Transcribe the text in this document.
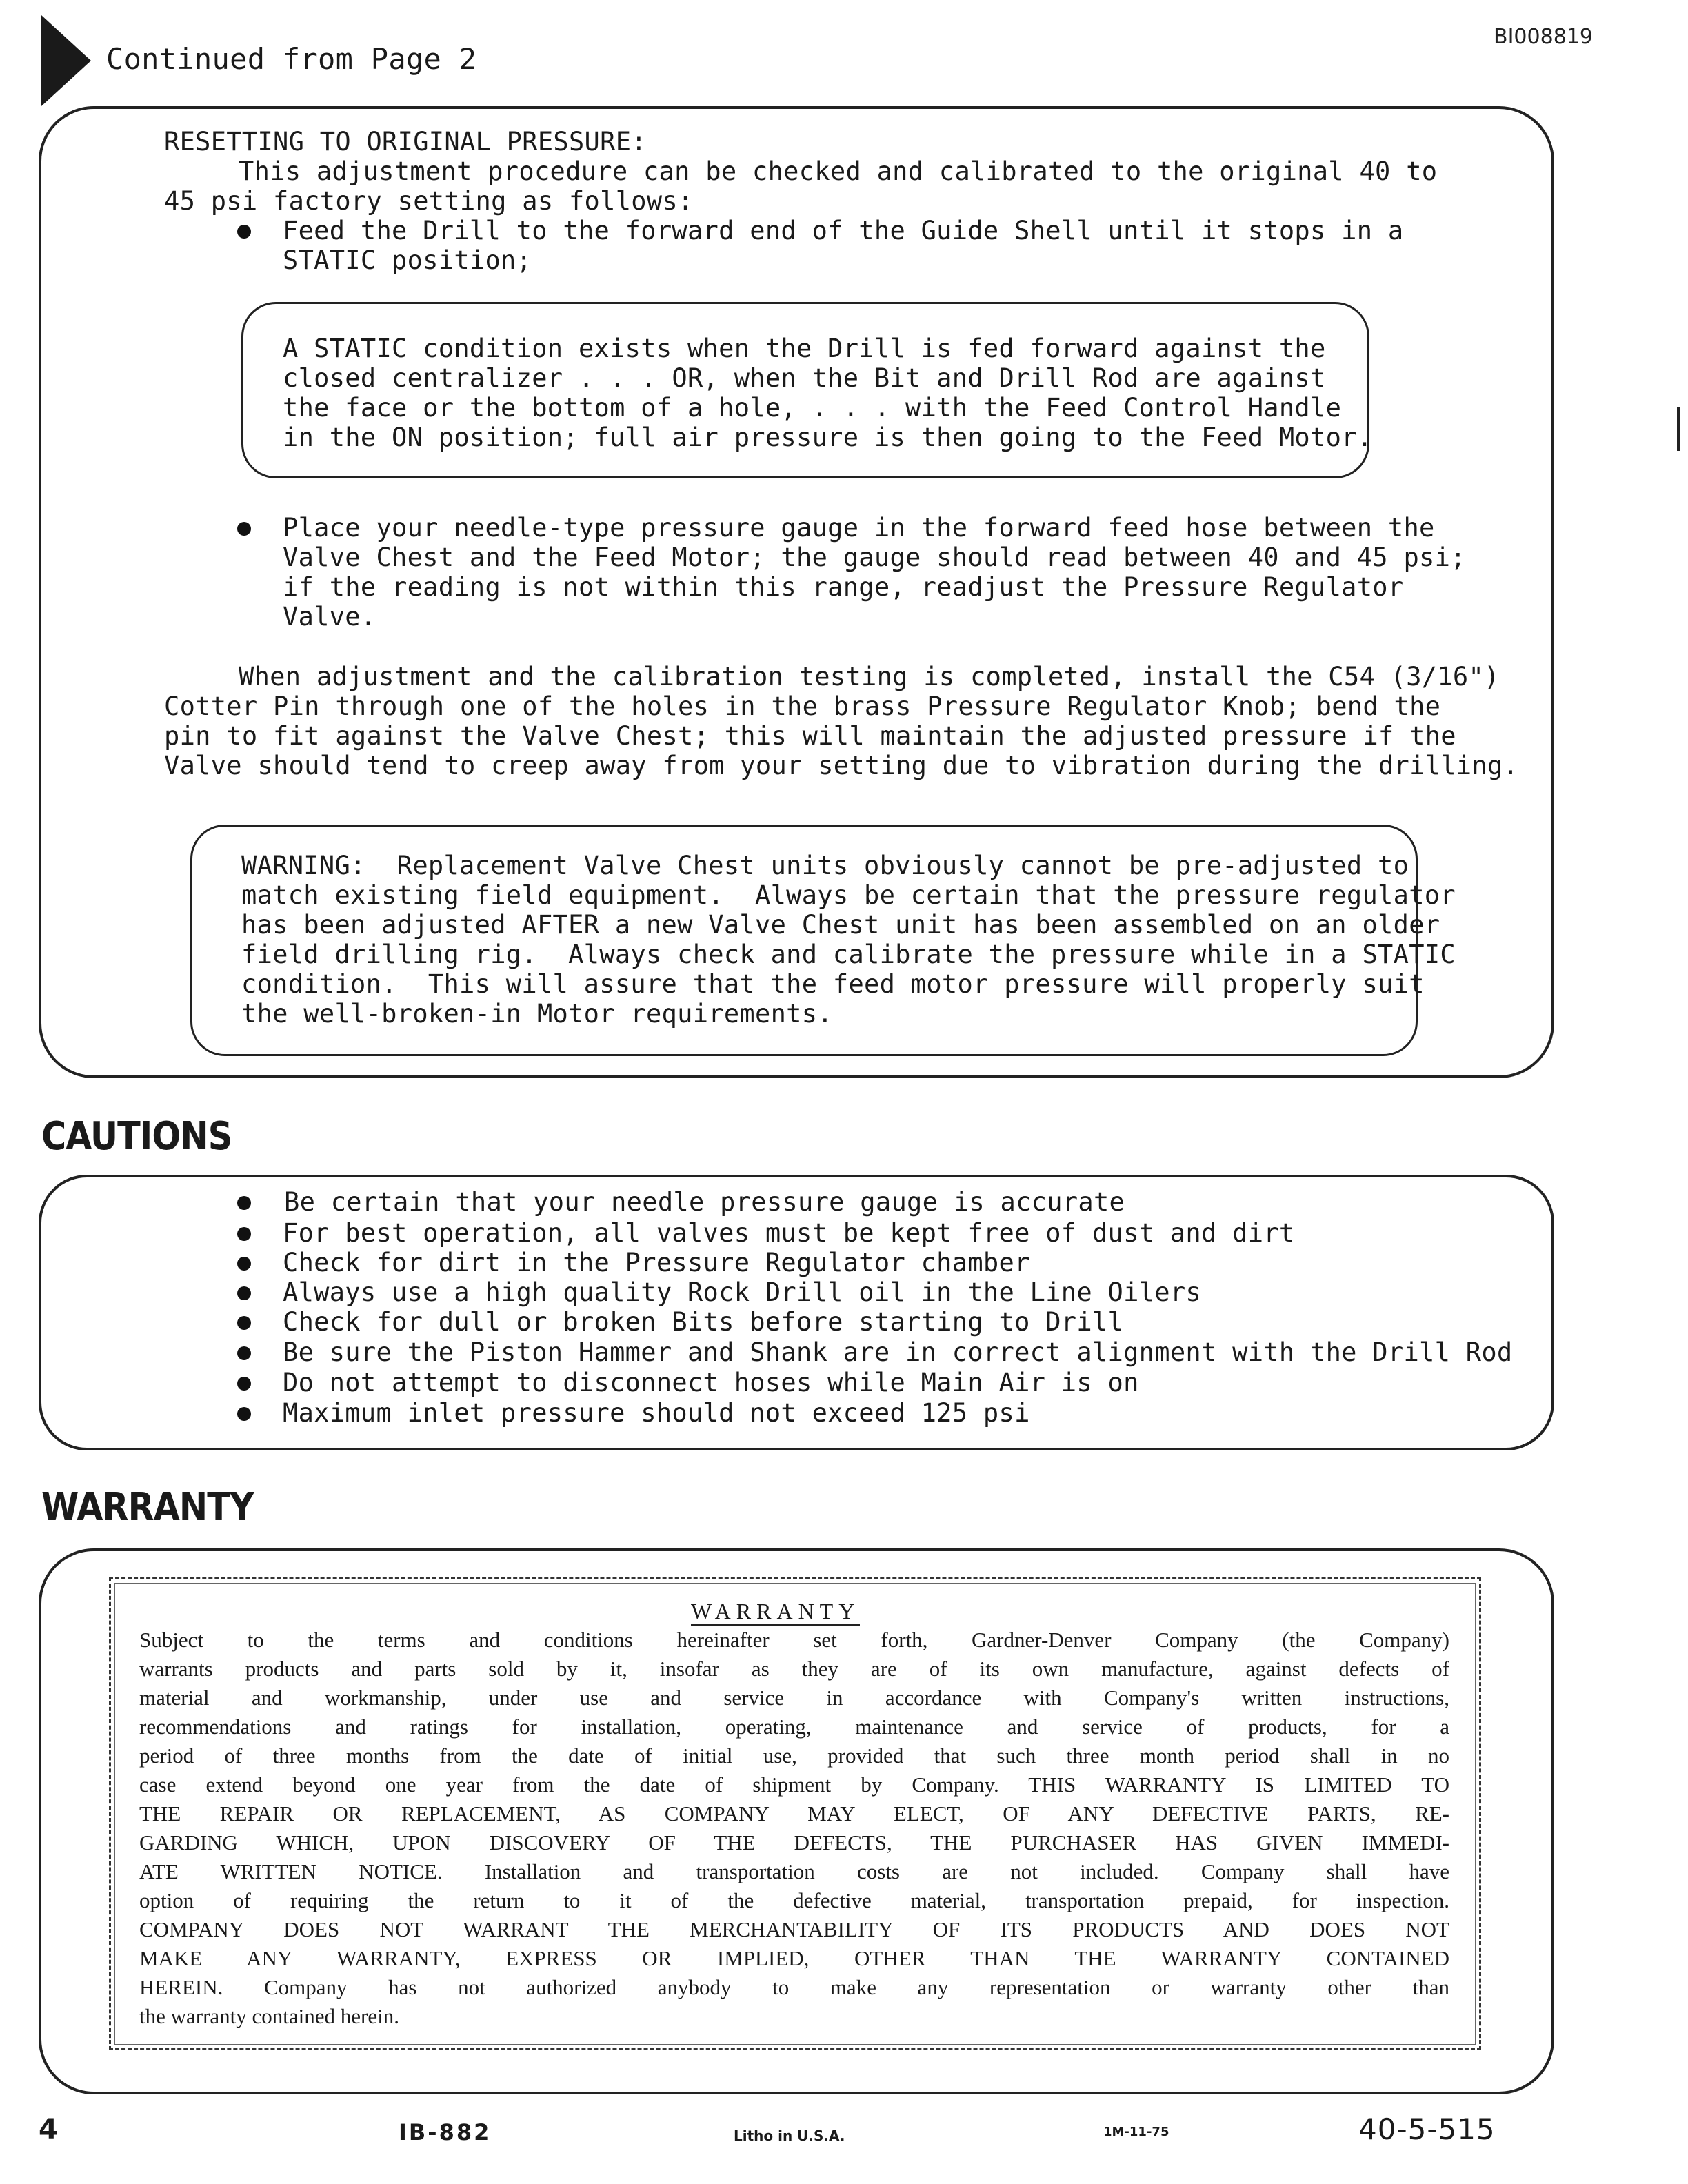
Continued from Page 2
BI008819
RESETTING TO ORIGINAL PRESSURE:
This adjustment procedure can be checked and calibrated to the original 40 to
45 psi factory setting as follows:
Feed the Drill to the forward end of the Guide Shell until it stops in a
STATIC position;
A STATIC condition exists when the Drill is fed forward against the
closed centralizer . . . OR, when the Bit and Drill Rod are against
the face or the bottom of a hole, . . . with the Feed Control Handle
in the ON position; full air pressure is then going to the Feed Motor.
Place your needle-type pressure gauge in the forward feed hose between the
Valve Chest and the Feed Motor; the gauge should read between 40 and 45 psi;
if the reading is not within this range, readjust the Pressure Regulator
Valve.
When adjustment and the calibration testing is completed, install the C54 (3/16")
Cotter Pin through one of the holes in the brass Pressure Regulator Knob; bend the
pin to fit against the Valve Chest; this will maintain the adjusted pressure if the
Valve should tend to creep away from your setting due to vibration during the drilling.
WARNING:  Replacement Valve Chest units obviously cannot be pre-adjusted to
match existing field equipment.  Always be certain that the pressure regulator
has been adjusted AFTER a new Valve Chest unit has been assembled on an older
field drilling rig.  Always check and calibrate the pressure while in a STATIC
condition.  This will assure that the feed motor pressure will properly suit
the well-broken-in Motor requirements.
CAUTIONS
Be certain that your needle pressure gauge is accurate
For best operation, all valves must be kept free of dust and dirt
Check for dirt in the Pressure Regulator chamber
Always use a high quality Rock Drill oil in the Line Oilers
Check for dull or broken Bits before starting to Drill
Be sure the Piston Hammer and Shank are in correct alignment with the Drill Rod
Do not attempt to disconnect hoses while Main Air is on
Maximum inlet pressure should not exceed 125 psi
WARRANTY
WARRANTY
Subject to the terms and conditions hereinafter set forth, Gardner-Denver Company (the Company)
warrants products and parts sold by it, insofar as they are of its own manufacture, against defects of
material and workmanship, under use and service in accordance with Company's written instructions,
recommendations and ratings for installation, operating, maintenance and service of products, for a
period of three months from the date of initial use, provided that such three month period shall in no
case extend beyond one year from the date of shipment by Company. THIS WARRANTY IS LIMITED TO
THE REPAIR OR REPLACEMENT, AS COMPANY MAY ELECT, OF ANY DEFECTIVE PARTS, RE-
GARDING WHICH, UPON DISCOVERY OF THE DEFECTS, THE PURCHASER HAS GIVEN IMMEDI-
ATE WRITTEN NOTICE. Installation and transportation costs are not included. Company shall have
option of requiring the return to it of the defective material, transportation prepaid, for inspection.
COMPANY DOES NOT WARRANT THE MERCHANTABILITY OF ITS PRODUCTS AND DOES NOT
MAKE ANY WARRANTY, EXPRESS OR IMPLIED, OTHER THAN THE WARRANTY CONTAINED
HEREIN. Company has not authorized anybody to make any representation or warranty other than
the warranty contained herein.
4	IB-882	Litho in U.S.A.	1M-11-75	40-5-515
